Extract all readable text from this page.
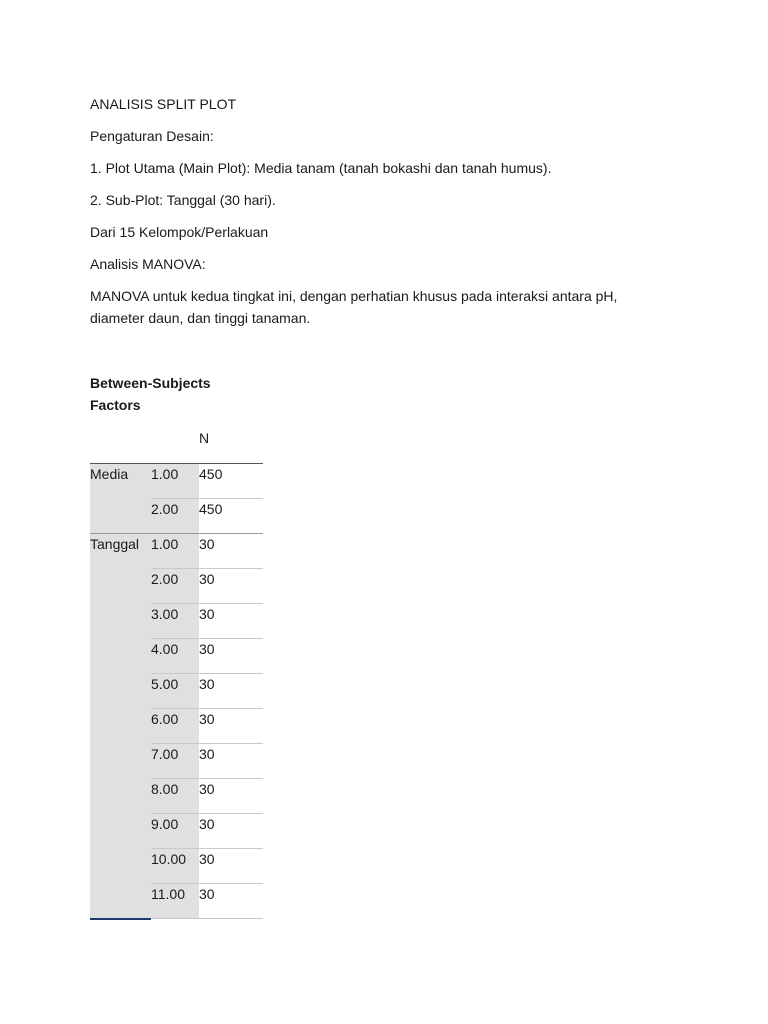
ANALISIS SPLIT PLOT

Pengaturan Desain:

1. Plot Utama (Main Plot): Media tanam (tanah bokashi dan tanah humus).

2. Sub-Plot: Tanggal (30 hari).

Dari 15 Kelompok/Perlakuan

Analisis MANOVA:

MANOVA untuk kedua tingkat ini, dengan perhatian khusus pada interaksi antara pH,
diameter daun, dan tinggi tanaman.

Between-Subjects
Factors

		N
Media	1.00	450
	2.00	450
Tanggal	1.00	30
	2.00	30
	3.00	30
	4.00	30
	5.00	30
	6.00	30
	7.00	30
	8.00	30
	9.00	30
	10.00	30
	11.00	30
